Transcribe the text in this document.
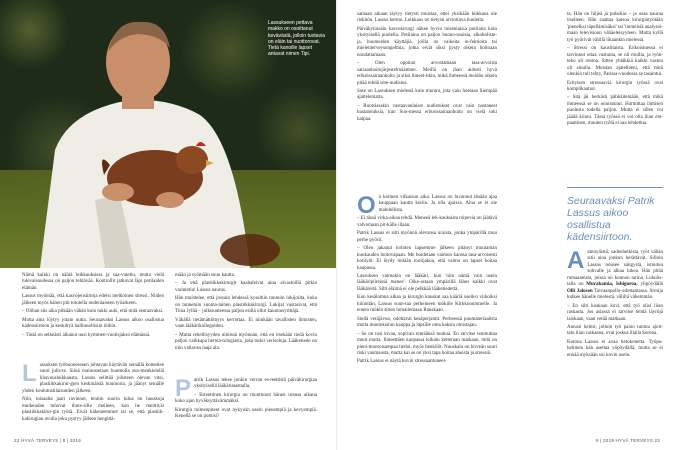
Lassukseen pettava makko on osoittanut kevävästä, jolloin tuotavia on eläin tai nuottorovat. Tietä kanoille lapset antavat nimen Tipi.

Nämä kaikki on nähtä leikkauksissa ja saa-vutettu, mutta vielä tulevaisuudessa on paljon tehtävää. Kontrollit jatkuvat läpi potilaiden elämän.

Lassus myöntää, että kasvojensiirtoja edelsi melkoinen stressi. Niiden jälkeen myös hänen piti totutella uudenlaiseen työarkeen.

– Olihan siis aika pitkään vähän kuin tukki auki, että mitä seuraavaksi.

Mutta aina löytyy jotain uutta. Seuraavaksi Lassus aikoo osallistua kädensiirtoon ja keskittyä hallinnollisiin töihin.

– Tästä on selkeästi alkanut uusi kymmen-vuotisjakso elämässä.

Lassuksen työhuoneeseen johtavan käytävän seinällä komeilee suuri julis-te. Siinä mainostetaan huomolla suo-menkielellä lihavuusleikkausta. Lassus selittää julisteen olevan vitsi, plastiikkakirur-gien keskinäistä huumoria, ja jäänyt seinälle yhden koulutustilaisuuden jälkeen.

Niin, toisaalta jaari ravinnot, tentiin suurin tuloa on hauskoja muikeudan tuhovat ihme-sille meileen, kun he meittivät plastiikkakirur-gin työtä. Eivät käkeneemmet tai se, että plastiik-kakirugian avulla joku pystyy jälleen hengittä-

mään ja syömään suun kautta.

– Ja että plastiikkakirurgit kaahaleivat aina aivastoillä pitkin varintetia! Lassus naurus.

Hän muistelee, että jossain lehdessä kyseltiin tunnuin lukijoilta, kuka on tunnetuin suoma-lainen plastiikkakirurgi. Lukijat vastasivat, että Tiina Jylhä – julkisuuteessa paljon esillä ollut kaunuusyrittäjä.

Vähällä tietämättömyys kerrottaa. Ei niinkään tavallisten ihmisten, vaan lääkärikollegoiden.

– Mutta rehellisyyden nimissä myönnän, että en itsekään tiedä kovin paljon vaikkapa herma-tologiasta, joka tutkii verisoluja. Lääketiede on niin valtavan laaja ala.

Patrik Lassus tekee jonkin verran es-teettistä päiväkirurgiaa yksityisellä lääkäriasemalla.

– Esteettinen kirurgia on muuttunut hänen uransa aikana koko ajan hyväksyttävämmäksi.

Kirurgin toimenpiteet ovat nykyisin usein pienempiä ja kevyempiä. Kenellä se on pomisi?

22 HYVÄ TERVEYS | 8 | 2019

samaan aikaan täytyy tietysti muistaa, ettei yksikään leikkaus ole riskitön, Lassus kertoo. Leikkaus on tietysti arvioitava huolella.

Päiväkyloisäin kasvokirurgi näkee hyvin toisenlaisia potilaita kuin yksityisellä puolella. Potilaina on paljon huono-osaisia, alkoholiste-ja, huumeiden käyttäjiä, joilla on vaikeita in-fektioita tai mielenterveysongelmia, jotka eivät siksi pysty oikein hoitoaan noudattamaan.

– Olen oppinut arvostamaan tasa-arvoista sairaanhoitojärjestelmäämme. Meillä on ihan aidosti hyvä erikoissairaanhoito ja siksi ilmeet-tikin, mikä ihmeessä meidän oikein pitää tehdä sote-uudistus.

Sote on Lassuksen mielestä kuin muntra, jota vain hoetaan liiempää ajattelematta.

– Ruotsissakin vastaavanlaiset uudistukset ovat vain nostaneet kustannuksia, kun Suo-messa erikoissairaanhoito on vielä toki halpaa.

On kolmen vilkaisun aika. Lassus on luvannut tänään ajaa kauppaan kautta kotiin. Ja olla ajoissa. Aina se ei ole mahdollista.

– Ei tässä virka-aikaa tehdä. Meneeä lek-kauksista tuipevia on jäätävä valvomaan pit-källe illaan.

Patrik Lassus ei silti myönnä olevansa uraista, jonka ympärillä muu perhe pyörii.

– Olen jakanut kolmen lapsemme jälkeen pitänyt muutaman kuukauden hoitovapaan. Me hoidetaan vaimon kanssa tasa-arvoisesti kotityöt. Ei löydy mitään roolijakoa, että vaimo on lapset hoitaa kaupassa.

Lassuksen vaimokin on lääkäri, kun 'niin nämä vain usein lääkäripiireissä menee'. Oike-astaan ympärillä lähes kaikki ovat lääkäreitä. Silti eläimä ei ole pelkkää lääketiedettä.

Kun kesälomna alkaa ja kirurgin kauskat saa kääriä useiksi viikoiksi kiinnitän, Lassus suun-taa perheineen mökille Kirkkonummelle. Ja ennen mökin sitten lomailemaan Ranskaan.

Siellä veräjävuo, odottavat kesäperjantit. Perheessä puumateriaalista mutta muutoksitun kauppa ja lapsille oma kaksin omistajan.

– Se on tosi kivaa, sopivan rentäänsä touhua. En tarvitse tentouttaa muut mutta. Ilmeettäen kaupassa leikatu ketteraan matkaan, mitä on pieni-muotoisampaa tiedoi, myös henkilöt. Nuuskalu on hirveän suuri riski vanmausta, mutta kai se on yksi tapa hoitaa aheista ja stressiä.

Patrik Lassus ei näytä kovin stressaantuneel-

ta. Hän on hiljeä ja puhelias – ja osaa nauraa itselleen. Hän saattaa katsoa kirurgintyötään 'pienelksi täpellämisäksi' tai 'iinmeisiä analysoi-maan televisioon vähäeleisyyteen. Mutta kyllä työ pyörivät välillä likaankin mielessä.

– Stressi on kausittaista. Erikoistuessa ei tarvinnut ottaa vastuuta, se oli mullla, ja työn-teko oli rentoa. Sitten yhtäkkiä kaikki vastuu oli sinulla. Muistan ajatelleeni, että mitä olenkin tuli tehty, Parissa-vuodessa se tasaintui.

Erityisen stressaavia kirurgin työssä ovat komplikaatiot.

– Sitä jäi herkästi pähkäilemään, että mikä ihmeessä se on onnistunut. Harmittaa ihmisen puolesta todella paljon. Mutta ei sillen voi jäädä kiinni. Tässä työssä ei voi olla liian em-paattinen, muuten työtä ei saa tehdettua.

Aamuyöistä, sadenhetkista, työt vähän sitii aina jonkun herättävät. Silloin Lassus nousee sängystä, istuutuu sohvalle ja alkaa lukea. Hän pitää romaaneista, joissa on kunnon tarina. Lukulis-talla on Murakamia, Ishiguroa, ylipöydällä Olli Jalosen Taivaanpollo-odottamassa. Stroija kulkee hänelle mielestä, välillä vähemmän.

– En silti koskaan kuvi, että työ olisi liian raskasta. Jos asiassa ei tarvitse tehdä läyröjä laiskaan, vaan vetää matkaan.

Annosi helmi; jolloin työ paino tuntuu ajoit-tain liian raskaana, ovat joskus illalla korona.

Kotona Lassus ei avaa tietokonetta. Työpu-helimen hän asettaa yöpöydällä, mutta se ei ennää myksään soi kovin usein.

8 | 2019 HYVÄ TERVEYS 23
Seuraavaksi Patrik Lassus aikoo osallistua kädensiirtoon.
